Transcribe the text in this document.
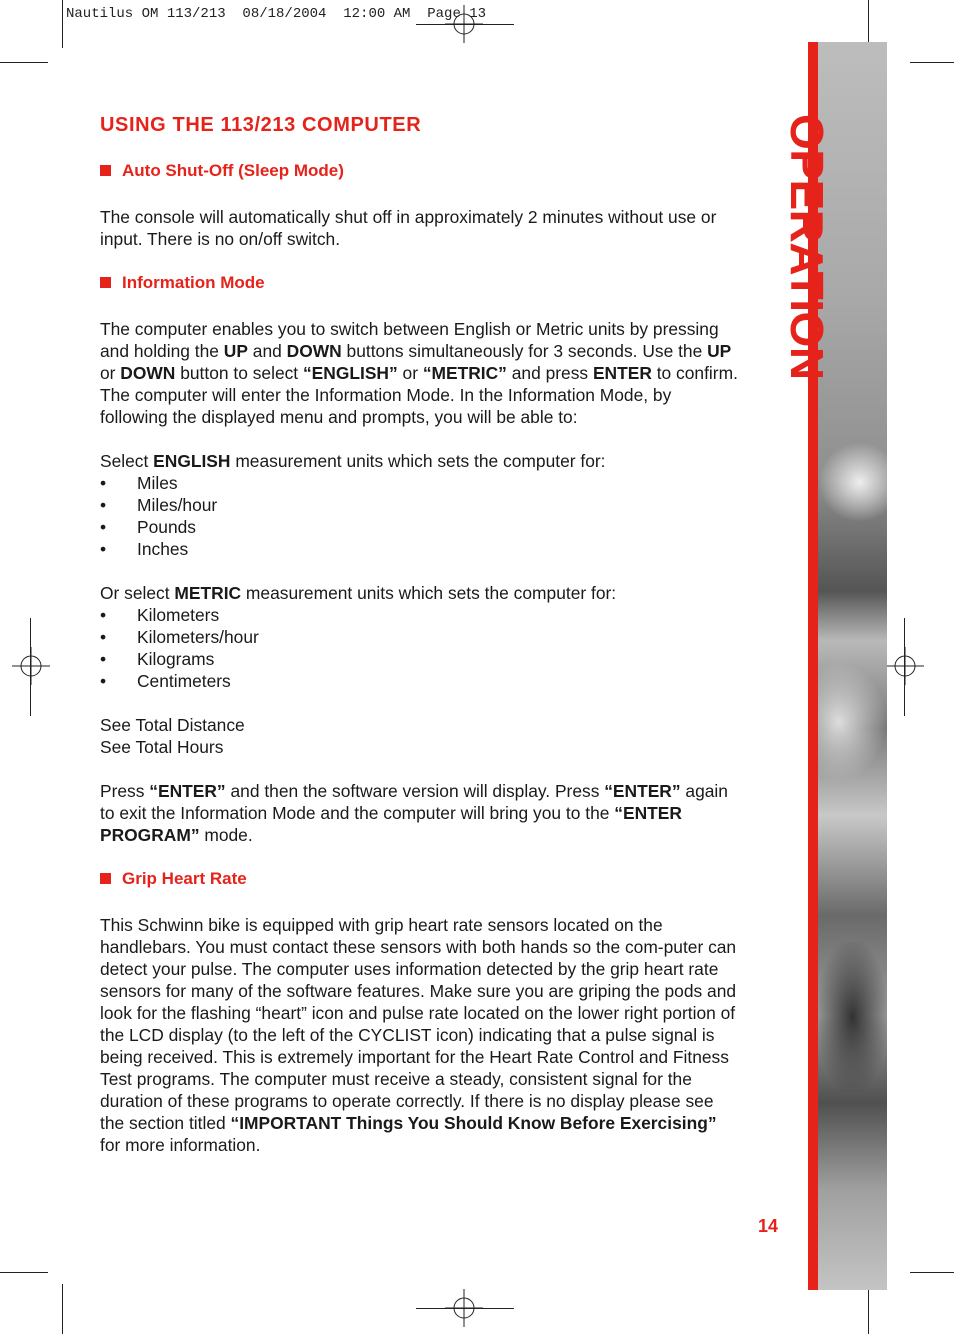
Nautilus OM 113/213  08/18/2004  12:00 AM  Page 13
OPERATION
USING THE 113/213 COMPUTER
Auto Shut-Off (Sleep Mode)

The console will automatically shut off in approximately 2 minutes without use or input. There is no on/off switch.

Information Mode

The computer enables you to switch between English or Metric units by pressing and holding the UP and DOWN buttons simultaneously for 3 seconds. Use the UP or DOWN button to select “ENGLISH” or “METRIC” and press ENTER to confirm. The computer will enter the Information Mode. In the Information Mode, by following the displayed menu and prompts, you will be able to:

Select ENGLISH measurement units which sets the computer for:

• Miles
• Miles/hour
• Pounds
• Inches

Or select METRIC measurement units which sets the computer for:

• Kilometers
• Kilometers/hour
• Kilograms
• Centimeters

See Total Distance
See Total Hours

Press “ENTER” and then the software version will display. Press “ENTER” again to exit the Information Mode and the computer will bring you to the “ENTER PROGRAM” mode.

Grip Heart Rate

This Schwinn bike is equipped with grip heart rate sensors located on the handlebars. You must contact these sensors with both hands so the com-puter can detect your pulse. The computer uses information detected by the grip heart rate sensors for many of the software features. Make sure you are griping the pods and look for the flashing “heart” icon and pulse rate located on the lower right portion of the LCD display (to the left of the CYCLIST icon) indicating that a pulse signal is being received. This is extremely important for the Heart Rate Control and Fitness Test programs. The computer must receive a steady, consistent signal for the duration of these programs to operate correctly. If there is no display please see the section titled “IMPORTANT Things You Should Know Before Exercising” for more information.

14
